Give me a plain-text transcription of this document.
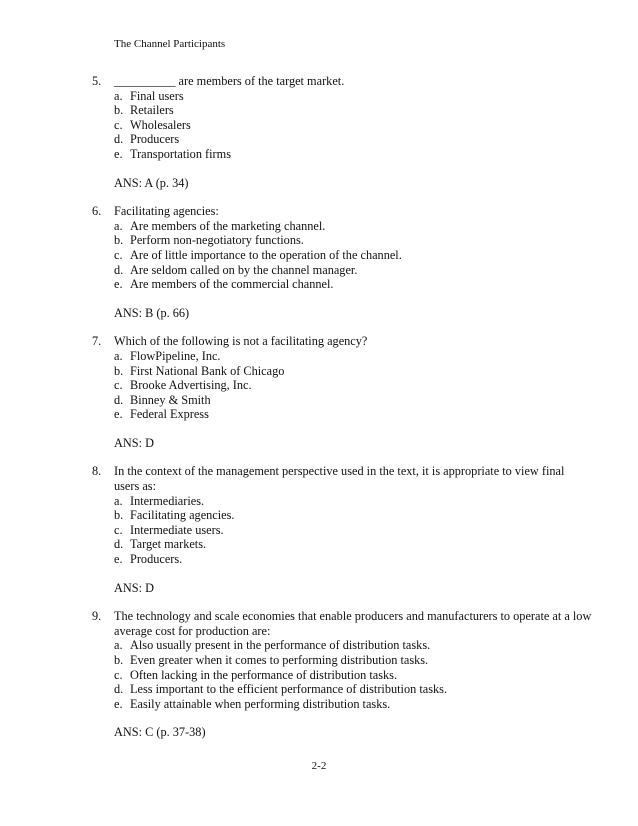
The Channel Participants
5.	__________ are members of the target market.
a. Final users
b. Retailers
c. Wholesalers
d. Producers
e. Transportation firms
ANS: A (p. 34)
6.	Facilitating agencies:
a. Are members of the marketing channel.
b. Perform non-negotiatory functions.
c. Are of little importance to the operation of the channel.
d. Are seldom called on by the channel manager.
e. Are members of the commercial channel.
ANS: B (p. 66)
7.	Which of the following is not a facilitating agency?
a. FlowPipeline, Inc.
b. First National Bank of Chicago
c. Brooke Advertising, Inc.
d. Binney & Smith
e. Federal Express
ANS: D
8.	In the context of the management perspective used in the text, it is appropriate to view final users as:
a. Intermediaries.
b. Facilitating agencies.
c. Intermediate users.
d. Target markets.
e. Producers.
ANS: D
9.	The technology and scale economies that enable producers and manufacturers to operate at a low average cost for production are:
a. Also usually present in the performance of distribution tasks.
b. Even greater when it comes to performing distribution tasks.
c. Often lacking in the performance of distribution tasks.
d. Less important to the efficient performance of distribution tasks.
e. Easily attainable when performing distribution tasks.
ANS: C (p. 37-38)
2-2
